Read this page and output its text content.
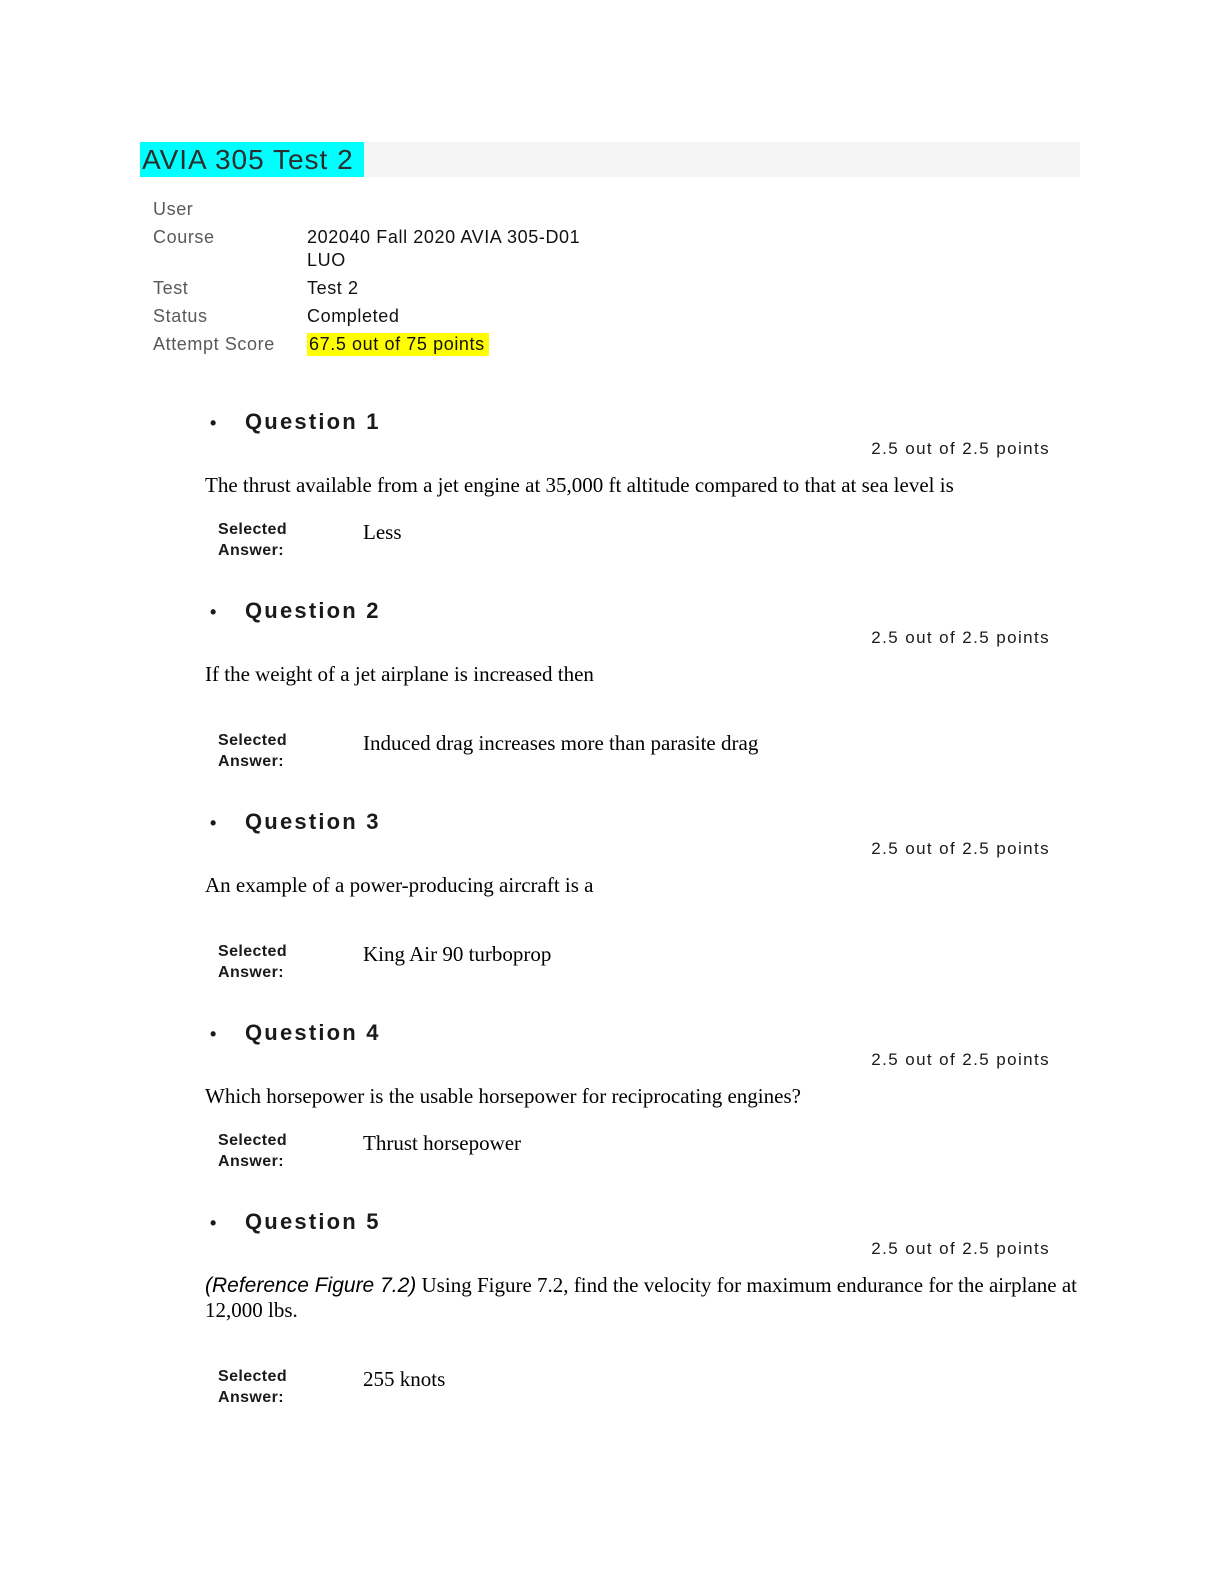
AVIA 305 Test 2
User
Course	202040 Fall 2020 AVIA 305-D01
LUO
Test	Test 2
Status	Completed
Attempt Score	67.5 out of 75 points
•	Question 1
2.5 out of 2.5 points
The thrust available from a jet engine at 35,000 ft altitude compared to that at sea level is
Selected Answer:
Less
•	Question 2
2.5 out of 2.5 points
If the weight of a jet airplane is increased then
Selected Answer:
Induced drag increases more than parasite drag
•	Question 3
2.5 out of 2.5 points
An example of a power-producing aircraft is a
Selected Answer:
King Air 90 turboprop
•	Question 4
2.5 out of 2.5 points
Which horsepower is the usable horsepower for reciprocating engines?
Selected Answer:
Thrust horsepower
•	Question 5
2.5 out of 2.5 points
(Reference Figure 7.2) Using Figure 7.2, find the velocity for maximum endurance for the airplane at 12,000 lbs.
Selected Answer:
255 knots
